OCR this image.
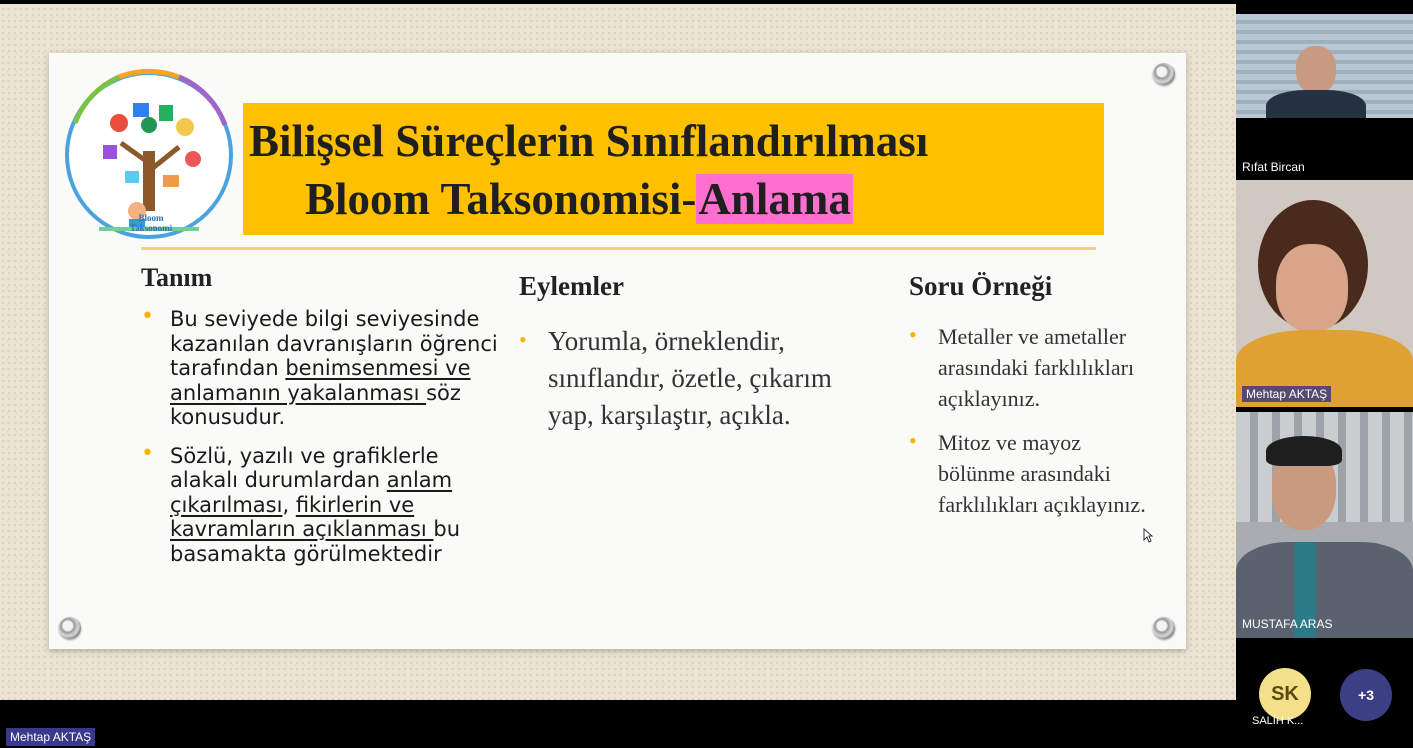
Bloom Taksonomi
Bilişsel Süreçlerin Sınıflandırılması
Bloom Taksonomisi-Anlama
Tanım
• Bu seviyede bilgi seviyesinde kazanılan davranışların öğrenci tarafından benimsenmesi ve anlamanın yakalanması söz konusudur.
• Sözlü, yazılı ve grafiklerle alakalı durumlardan anlam çıkarılması, fikirlerin ve kavramların açıklanması bu basamakta görülmektedir
Eylemler
• Yorumla, örneklendir, sınıflandır, özetle, çıkarım yap, karşılaştır, açıkla.
Soru Örneği
• Metaller ve ametaller arasındaki farklılıkları açıklayınız.
• Mitoz ve mayoz bölünme arasındaki farklılıkları açıklayınız.
Rıfat Bircan
Mehtap AKTAŞ
MUSTAFA ARAS
SK
SALİH K...
+3
Mehtap AKTAŞ
